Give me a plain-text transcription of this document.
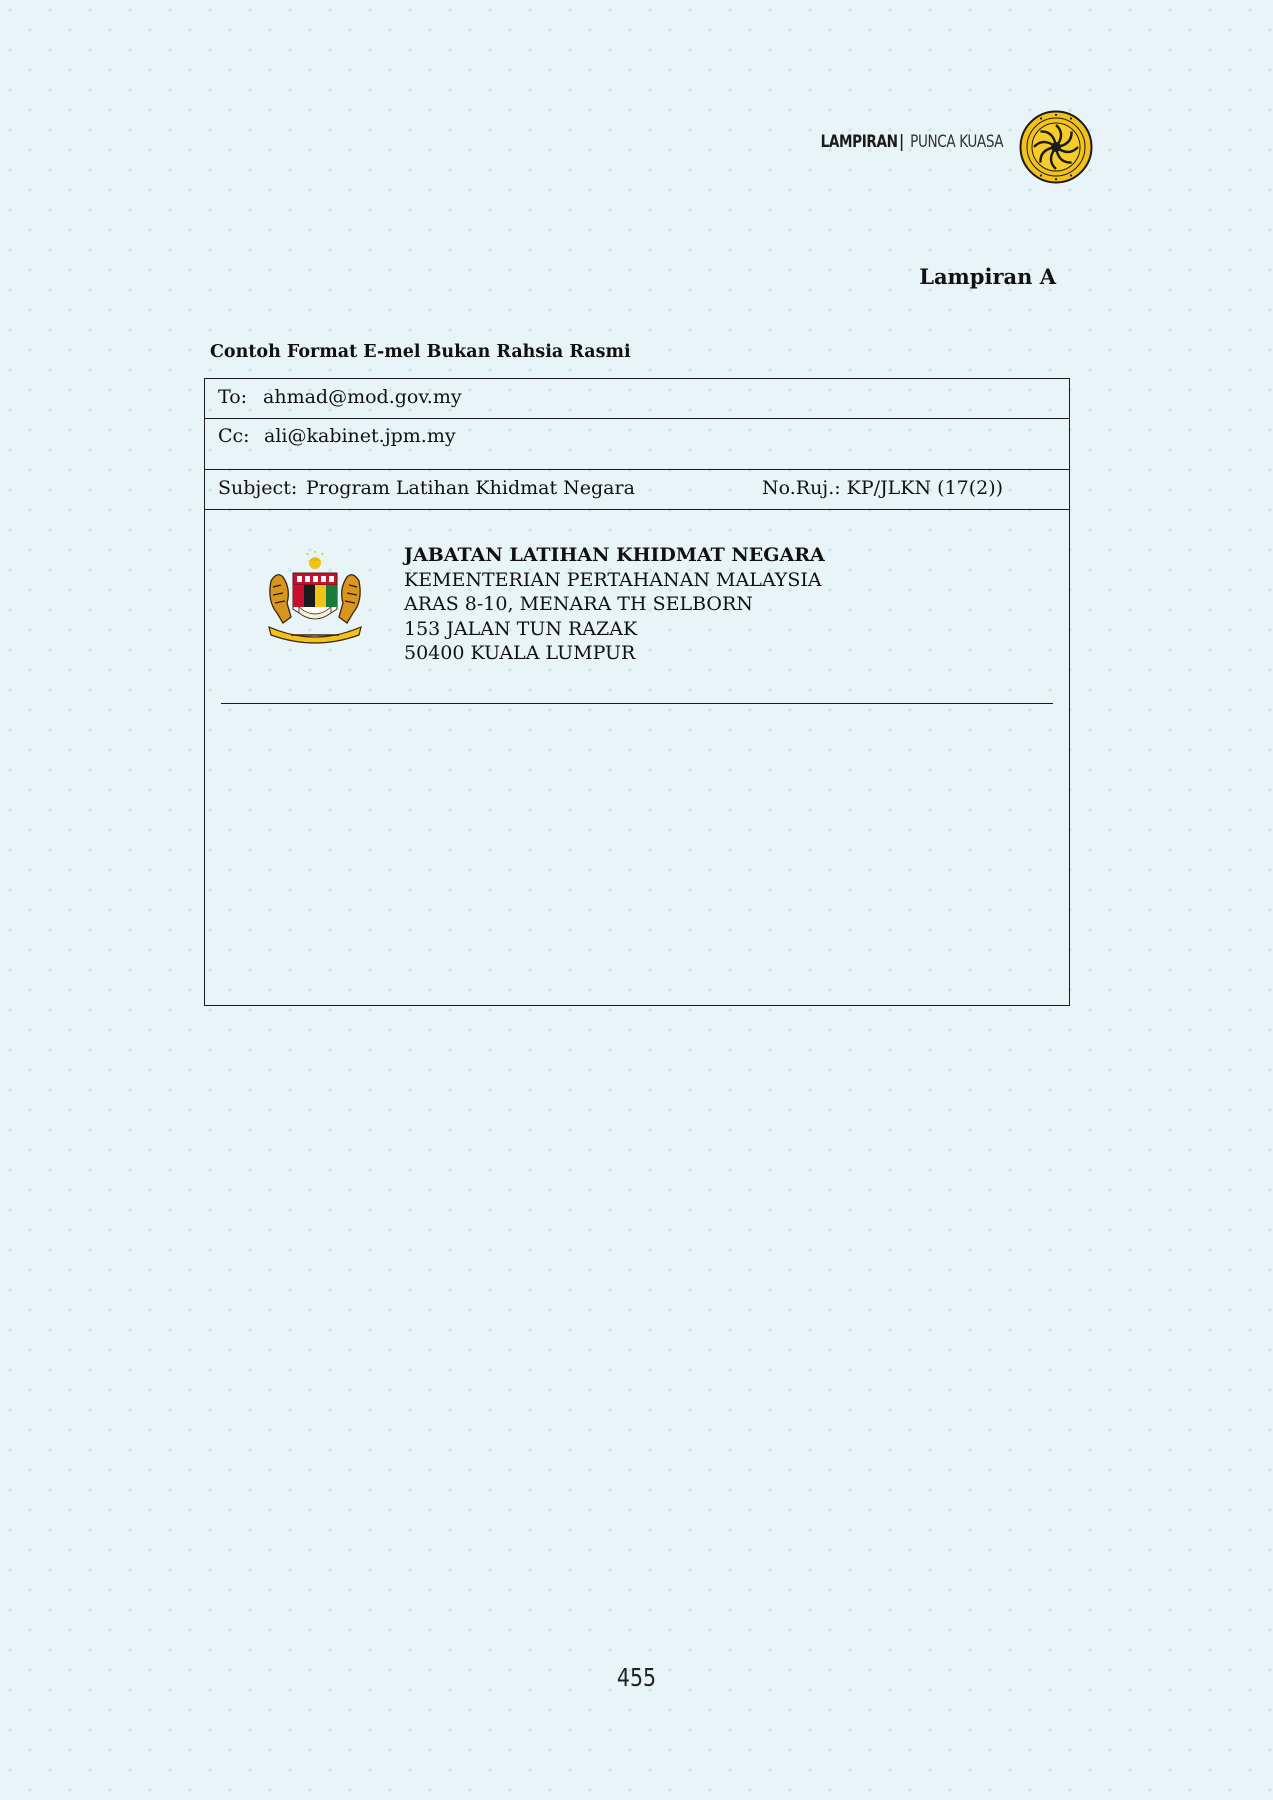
LAMPIRAN| PUNCA KUASA
Lampiran A
Contoh Format E-mel Bukan Rahsia Rasmi
To: ahmad@mod.gov.my
Cc: ali@kabinet.jpm.my
Subject: Program Latihan Khidmat Negara	No.Ruj.: KP/JLKN (17(2))
JABATAN LATIHAN KHIDMAT NEGARA
KEMENTERIAN PERTAHANAN MALAYSIA
ARAS 8-10, MENARA TH SELBORN
153 JALAN TUN RAZAK
50400 KUALA LUMPUR
455
